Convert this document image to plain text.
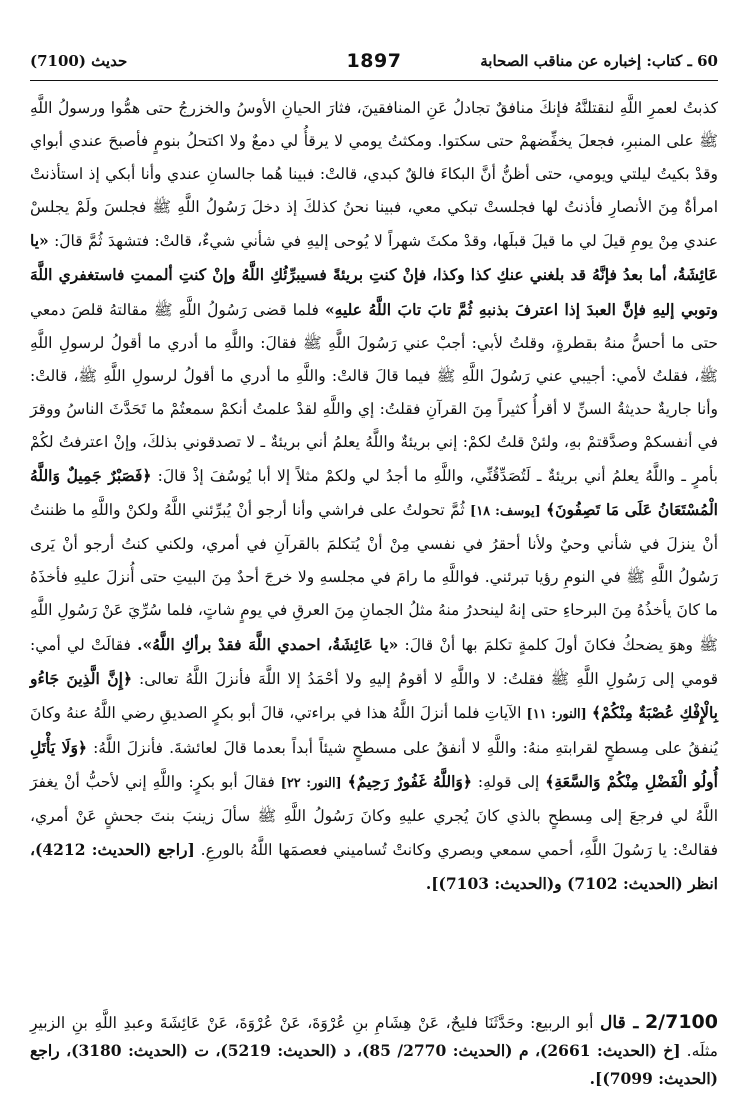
60 ـ كتاب: إخباره عن مناقب الصحابة
1897
حديث (7100)

كذبتُ لعمرِ اللَّهِ لنقتلنَّهُ فإنكَ منافقٌ تجادلُ عَنِ المنافقينَ، فثارَ الحيانِ الأوسُ والخزرجُ حتى همُّوا ورسولُ اللَّهِ ﷺ على المنبرِ، فجعلَ يخفِّضهمْ حتى سكتوا. ومكثتُ يومي لا يرقأُ لي دمعٌ ولا اكتحلُ بنومٍ فأصبحَ عندي أبواي وقدْ بكيتُ ليلتي ويومي، حتى أظنُّ أنَّ البكاءَ فالقٌ كبدي، قالتْ: فبينا هُما جالسانِ عندي وأنا أبكي إذ استأذنتْ امرأةٌ مِنَ الأنصارِ فأذنتُ لها فجلستْ تبكي معي، فبينا نحنُ كذلكَ إذ دخلَ رَسُولُ اللَّهِ ﷺ فجلسَ ولَمْ يجلسْ عندي مِنْ يومِ قيلَ لي ما قيلَ قبلَها، وقدْ مكثَ شهراً لا يُوحى إليهِ في شأني شيءٌ، قالتْ: فتشهدَ ثُمَّ قالَ: «يا عَائِشَةُ، أما بعدُ فإنَّهُ قد بلغني عنكِ كذا وكذا، فإنْ كنتِ بريئةً فسيبرِّئُكِ اللَّهُ وإنْ كنتِ ألممتِ فاستغفري اللَّهَ وتوبي إليهِ فإنَّ العبدَ إذا اعترفَ بذنبهِ ثُمَّ تابَ تابَ اللَّهُ عليهِ» فلما قضى رَسُولُ اللَّهِ ﷺ مقالتهُ قلصَ دمعي حتى ما أحسُّ منهُ بقطرةٍ، وقلتُ لأبي: أجبْ عني رَسُولَ اللَّهِ ﷺ فقالَ: واللَّهِ ما أدري ما أقولُ لرسولِ اللَّهِ ﷺ، فقلتُ لأمي: أجيبي عني رَسُولَ اللَّهِ ﷺ فيما قالَ قالتْ: واللَّهِ ما أدري ما أقولُ لرسولِ اللَّهِ ﷺ، قالتْ: وأنا جاريةٌ حديثةُ السنِّ لا أقرأُ كثيراً مِنَ القرآنِ فقلتُ: إي واللَّهِ لقدْ علمتُ أنكمْ سمعتُمْ ما تَحَدَّثَ الناسُ ووقرَ في أنفسكمْ وصدَّقتمْ بهِ، ولئنْ قلتُ لكمْ: إني بريئةٌ واللَّهُ يعلمُ أني بريئةٌ ـ لا تصدقوني بذلكَ، وإنْ اعترفتُ لكُمْ بأمرٍ ـ واللَّهُ يعلمُ أني بريئةٌ ـ لَتُصَدِّقُنِّي، واللَّهِ ما أجدُ لي ولكمْ مثلاً إلا أبا يُوسُفَ إذْ قالَ: ﴿فَصَبْرٌ جَمِيلٌ وَاللَّهُ الْمُسْتَعَانُ عَلَى مَا تَصِفُونَ﴾ [يوسف: ١٨] ثُمَّ تحولتُ على فراشي وأنا أرجو أنْ يُبرِّئني اللَّهُ ولكنْ واللَّهِ ما ظننتُ أنْ ينزلَ في شأني وحيٌ ولأنا أحقرُ في نفسي مِنْ أنْ يُتكلمَ بالقرآنِ في أمري، ولكني كنتُ أرجو أنْ يَرى رَسُولُ اللَّهِ ﷺ في النومِ رؤيا تبرئني. فواللَّهِ ما رامَ في مجلسهِ ولا خرجَ أحدٌ مِنَ البيتِ حتى أُنزلَ عليهِ فأخذَهُ ما كانَ يأخذُهُ مِنَ البرحاءِ حتى إنهُ لينحدرُ منهُ مثلُ الجمانِ مِنَ العرقِ في يومٍ شاتٍ، فلما سُرِّيَ عَنْ رَسُولِ اللَّهِ ﷺ وهوَ يضحكُ فكانَ أولَ كلمةٍ تكلمَ بها أنْ قالَ: «يا عَائِشَةُ، احمدي اللَّهَ فقدْ برأكِ اللَّهُ». فقالَتْ لي أمي: قومي إلى رَسُولِ اللَّهِ ﷺ فقلتُ: لا واللَّهِ لا أقومُ إليهِ ولا أحْمَدُ إلا اللَّهَ فأنزلَ اللَّهُ تعالى: ﴿إِنَّ الَّذِينَ جَاءُو بِالْإِفْكِ عُصْبَةٌ مِنْكُمْ﴾ [النور: ١١] الآياتِ فلما أنزلَ اللَّهُ هذا في براءتي، قالَ أبو بكرٍ الصديقِ رضي اللَّهُ عنهُ وكانَ يُنفقُ على مِسطحٍ لقرابتهِ منهُ: واللَّهِ لا أنفقُ على مسطحٍ شيئاً أبداً بعدما قالَ لعائشةَ. فأنزلَ اللَّهُ: ﴿وَلَا يَأْتَلِ أُولُو الْفَضْلِ مِنْكُمْ وَالسَّعَةِ﴾ إلى قولهِ: ﴿وَاللَّهُ غَفُورٌ رَحِيمٌ﴾ [النور: ٢٢] فقالَ أبو بكرٍ: واللَّهِ إني لأحبُّ أنْ يغفرَ اللَّهُ لي فرجعَ إلى مِسطحٍ بالذي كانَ يُجري عليهِ وكانَ رَسُولُ اللَّهِ ﷺ سألَ زينبَ بنتَ جحشٍ عَنْ أمري، فقالتْ: يا رَسُولَ اللَّهِ، أحمي سمعي وبصري وكانتْ تُساميني فعصمَها اللَّهُ بالورعِ. [راجع (الحديث: 4212)، انظر (الحديث: 7102) و(الحديث: 7103)].

2/7100 ـ قال أبو الربيع: وحَدَّثَنَا فليحٌ، عَنْ هِشَامِ بنِ عُرْوَةَ، عَنْ عُرْوَةَ، عَنْ عَائِشَةَ وعبدِ اللَّهِ بنِ الزبيرِ مثلَه. [خ (الحديث: 2661)، م (الحديث: 2770/ 85)، د (الحديث: 5219)، ت (الحديث: 3180)، راجع (الحديث: 7099)].
